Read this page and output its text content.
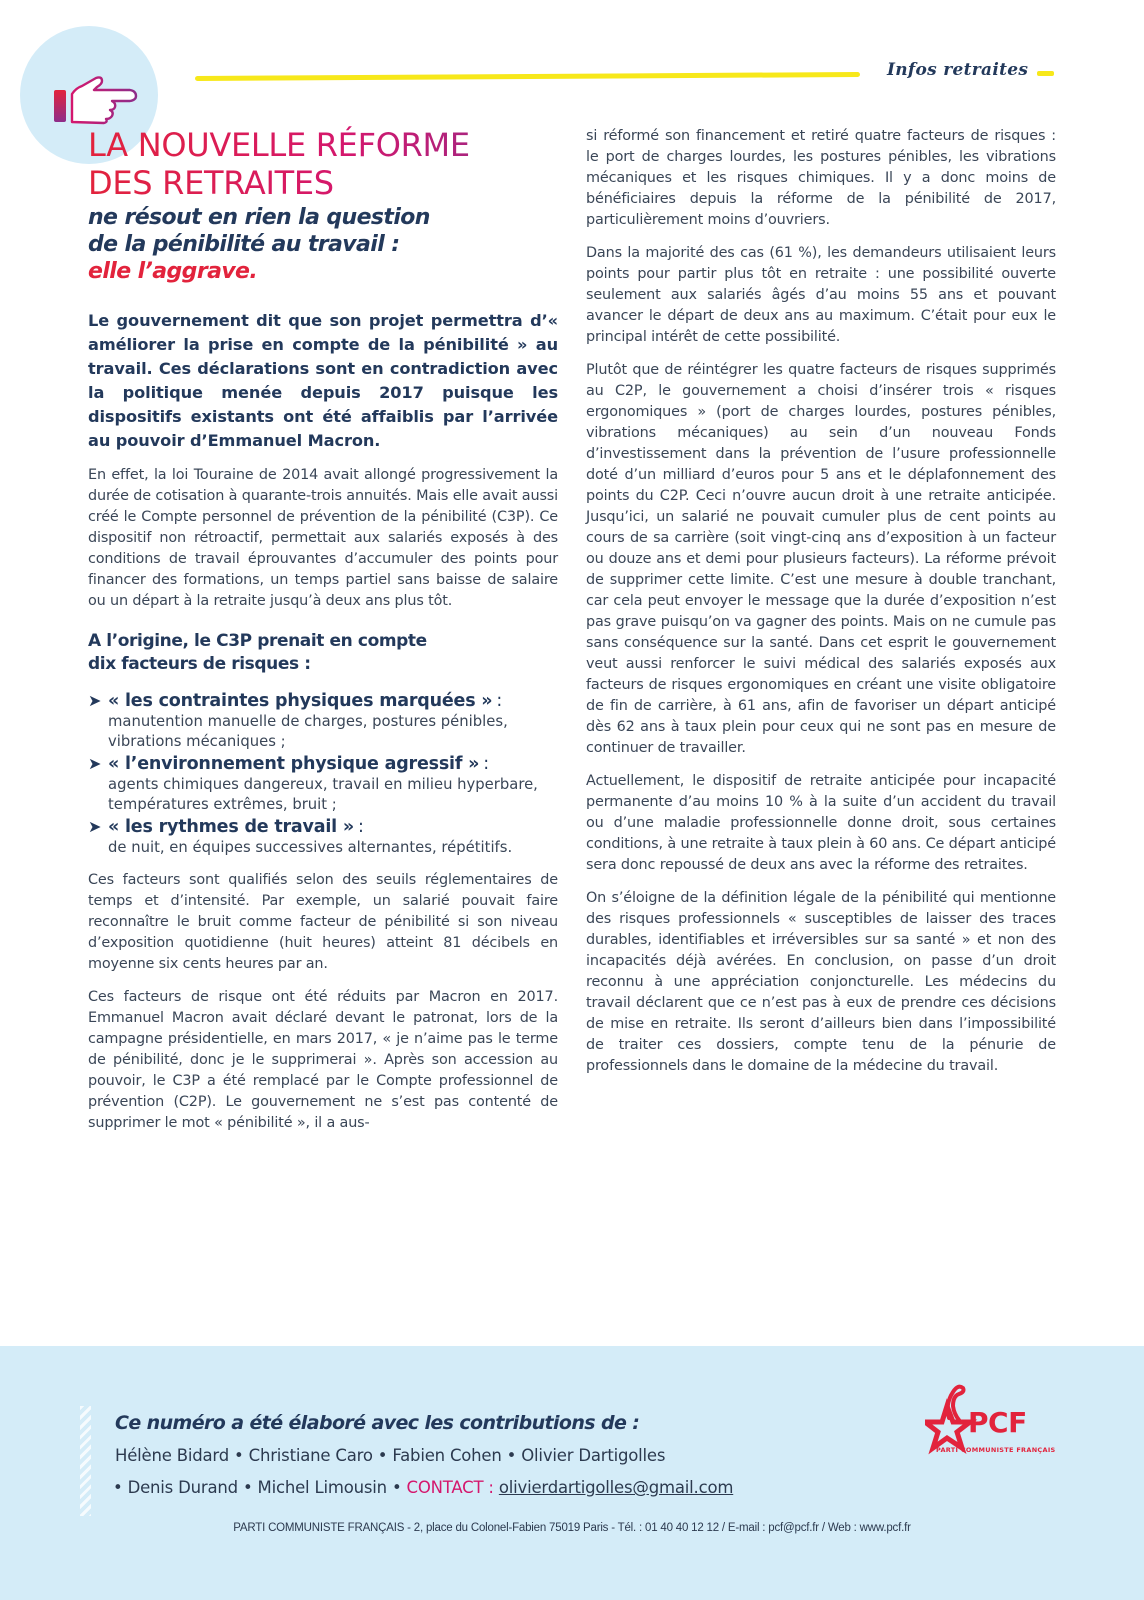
Infos retraites
LA NOUVELLE RÉFORME
DES RETRAITES
ne résout en rien la question
de la pénibilité au travail :
elle l’aggrave.

Le gouvernement dit que son projet permettra d’« améliorer la prise en compte de la pénibilité » au travail. Ces déclarations sont en contradiction avec la politique menée depuis 2017 puisque les dispositifs existants ont été affaiblis par l’arrivée au pouvoir d’Emmanuel Macron.

En effet, la loi Touraine de 2014 avait allongé progressivement la durée de cotisation à quarante-trois annuités. Mais elle avait aussi créé le Compte personnel de prévention de la pénibilité (C3P). Ce dispositif non rétroactif, permettait aux salariés exposés à des conditions de travail éprouvantes d’accumuler des points pour financer des formations, un temps partiel sans baisse de salaire ou un départ à la retraite jusqu’à deux ans plus tôt.

A l’origine, le C3P prenait en compte
dix facteurs de risques :
➤ « les contraintes physiques marquées » :
manutention manuelle de charges, postures pénibles, vibrations mécaniques ;
➤ « l’environnement physique agressif » :
agents chimiques dangereux, travail en milieu hyperbare, températures extrêmes, bruit ;
➤ « les rythmes de travail » :
de nuit, en équipes successives alternantes, répétitifs.

Ces facteurs sont qualifiés selon des seuils réglementaires de temps et d’intensité. Par exemple, un salarié pouvait faire reconnaître le bruit comme facteur de pénibilité si son niveau d’exposition quotidienne (huit heures) atteint 81 décibels en moyenne six cents heures par an.

Ces facteurs de risque ont été réduits par Macron en 2017. Emmanuel Macron avait déclaré devant le patronat, lors de la campagne présidentielle, en mars 2017, « je n’aime pas le terme de pénibilité, donc je le supprimerai ». Après son accession au pouvoir, le C3P a été remplacé par le Compte professionnel de prévention (C2P). Le gouvernement ne s’est pas contenté de supprimer le mot « pénibilité », il a aus-

si réformé son financement et retiré quatre facteurs de risques : le port de charges lourdes, les postures pénibles, les vibrations mécaniques et les risques chimiques. Il y a donc moins de bénéficiaires depuis la réforme de la pénibilité de 2017, particulièrement moins d’ouvriers.

Dans la majorité des cas (61 %), les demandeurs utilisaient leurs points pour partir plus tôt en retraite : une possibilité ouverte seulement aux salariés âgés d’au moins 55 ans et pouvant avancer le départ de deux ans au maximum. C’était pour eux le principal intérêt de cette possibilité.

Plutôt que de réintégrer les quatre facteurs de risques supprimés au C2P, le gouvernement a choisi d’insérer trois « risques ergonomiques » (port de charges lourdes, postures pénibles, vibrations mécaniques) au sein d’un nouveau Fonds d’investissement dans la prévention de l’usure professionnelle doté d’un milliard d’euros pour 5 ans et le déplafonnement des points du C2P. Ceci n’ouvre aucun droit à une retraite anticipée. Jusqu’ici, un salarié ne pouvait cumuler plus de cent points au cours de sa carrière (soit vingt-cinq ans d’exposition à un facteur ou douze ans et demi pour plusieurs facteurs). La réforme prévoit de supprimer cette limite. C’est une mesure à double tranchant, car cela peut envoyer le message que la durée d’exposition n’est pas grave puisqu’on va gagner des points. Mais on ne cumule pas sans conséquence sur la santé. Dans cet esprit le gouvernement veut aussi renforcer le suivi médical des salariés exposés aux facteurs de risques ergonomiques en créant une visite obligatoire de fin de carrière, à 61 ans, afin de favoriser un départ anticipé dès 62 ans à taux plein pour ceux qui ne sont pas en mesure de continuer de travailler.

Actuellement, le dispositif de retraite anticipée pour incapacité permanente d’au moins 10 % à la suite d’un accident du travail ou d’une maladie professionnelle donne droit, sous certaines conditions, à une retraite à taux plein à 60 ans. Ce départ anticipé sera donc repoussé de deux ans avec la réforme des retraites.

On s’éloigne de la définition légale de la pénibilité qui mentionne des risques professionnels « susceptibles de laisser des traces durables, identifiables et irréversibles sur sa santé » et non des incapacités déjà avérées. En conclusion, on passe d’un droit reconnu à une appréciation conjoncturelle. Les médecins du travail déclarent que ce n’est pas à eux de prendre ces décisions de mise en retraite. Ils seront d’ailleurs bien dans l’impossibilité de traiter ces dossiers, compte tenu de la pénurie de professionnels dans le domaine de la médecine du travail.

Ce numéro a été élaboré avec les contributions de :
Hélène Bidard • Christiane Caro • Fabien Cohen • Olivier Dartigolles
• Denis Durand • Michel Limousin • CONTACT : olivierdartigolles@gmail.com
PARTI COMMUNISTE FRANÇAIS - 2, place du Colonel-Fabien 75019 Paris - Tél. : 01 40 40 12 12 / E-mail : pcf@pcf.fr / Web : www.pcf.fr
PCF
PARTI COMMUNISTE FRANÇAIS
